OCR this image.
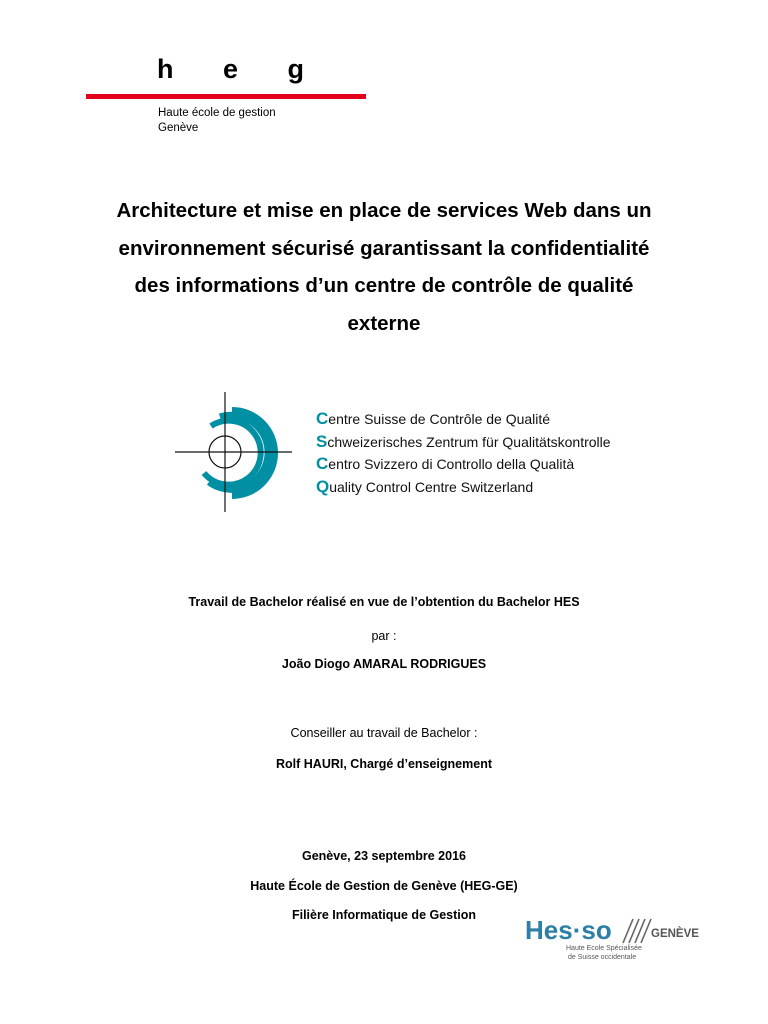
h e g
Haute école de gestion
Genève
Architecture et mise en place de services Web dans un environnement sécurisé garantissant la confidentialité des informations d’un centre de contrôle de qualité externe
Centre Suisse de Contrôle de Qualité
Schweizerisches Zentrum für Qualitätskontrolle
Centro Svizzero di Controllo della Qualità
Quality Control Centre Switzerland
Travail de Bachelor réalisé en vue de l’obtention du Bachelor HES
par :
João Diogo AMARAL RODRIGUES
Conseiller au travail de Bachelor :
Rolf HAURI, Chargé d’enseignement
Genève, 23 septembre 2016
Haute École de Gestion de Genève (HEG-GE)
Filière Informatique de Gestion	Hes·so	GENÈVE
Haute Ecole Spécialisée
de Suisse occidentale
